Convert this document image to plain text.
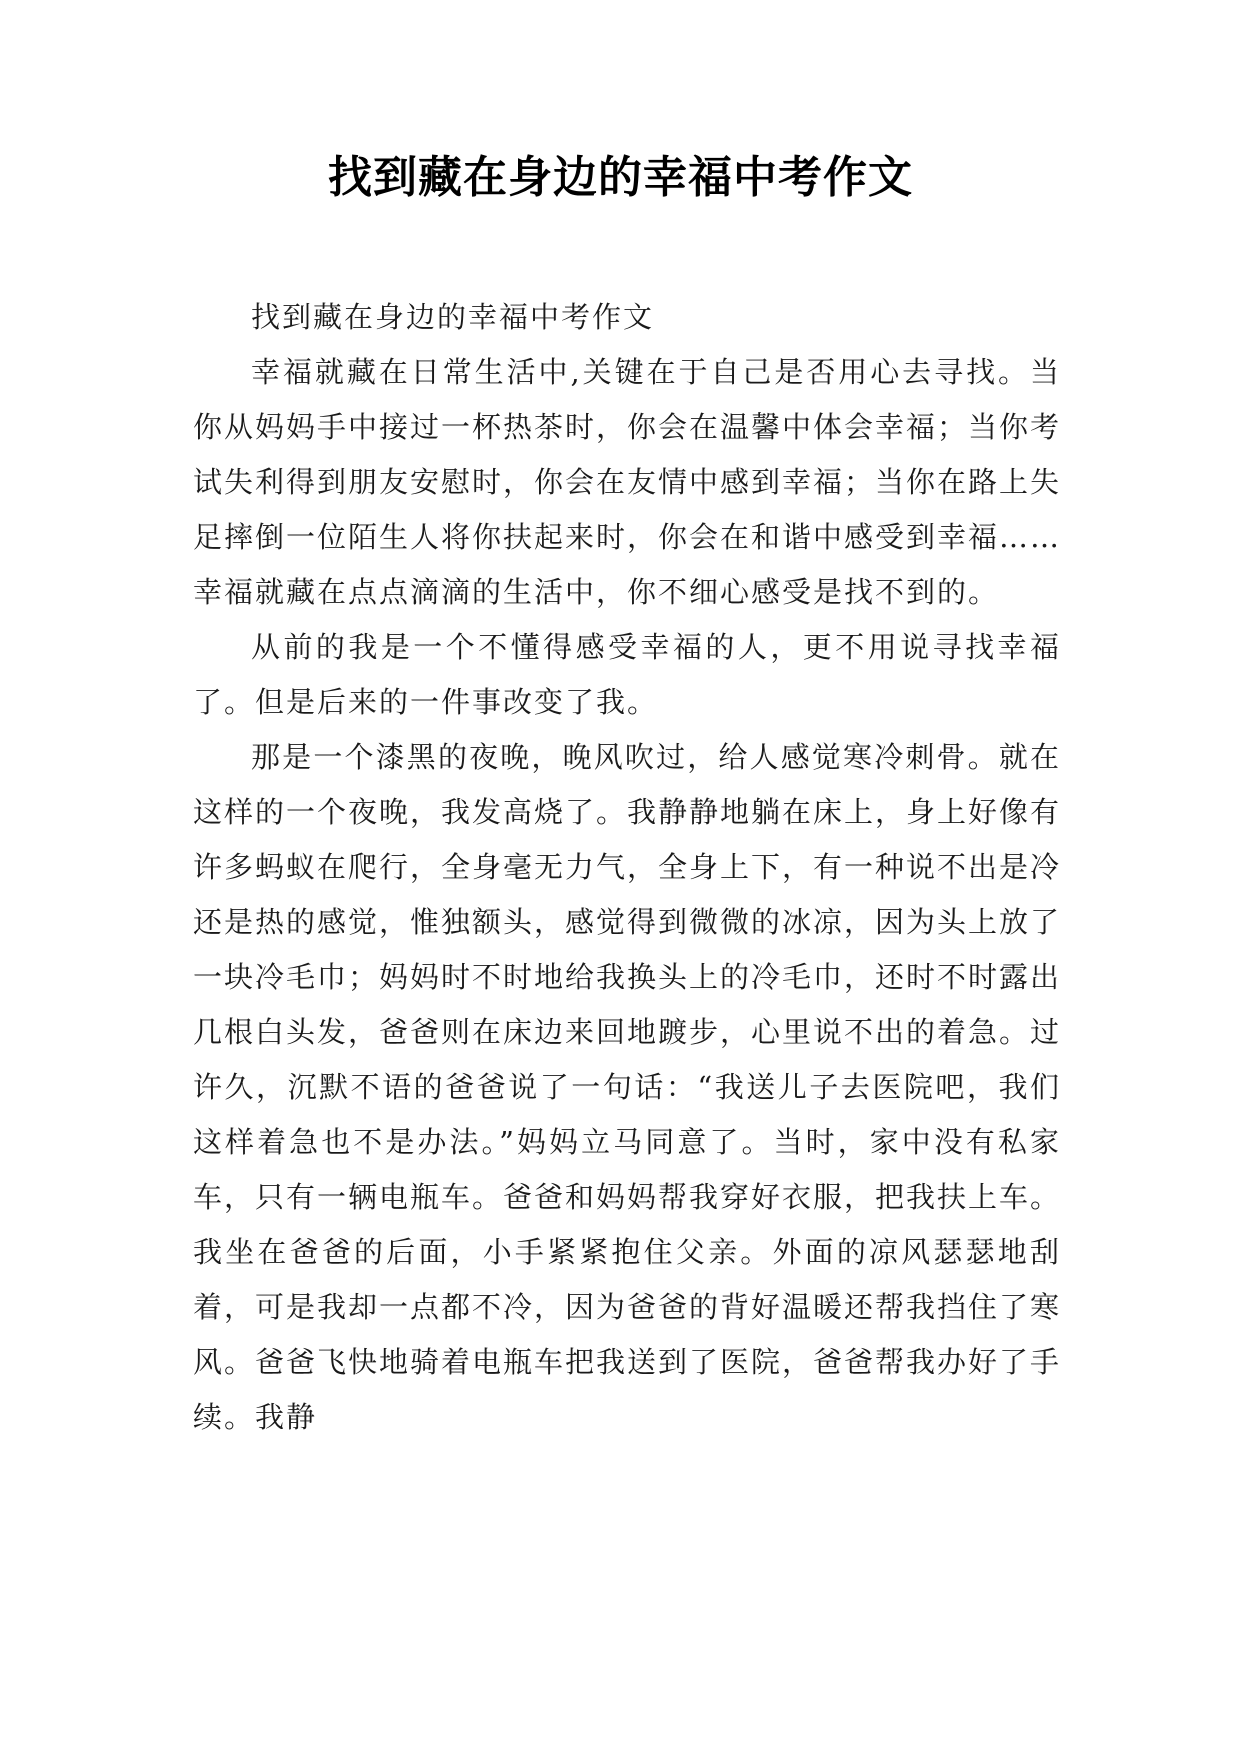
找到藏在身边的幸福中考作文

找到藏在身边的幸福中考作文

幸福就藏在日常生活中,关键在于自己是否用心去寻找。当你从妈妈手中接过一杯热茶时，你会在温馨中体会幸福；当你考试失利得到朋友安慰时，你会在友情中感到幸福；当你在路上失足摔倒一位陌生人将你扶起来时，你会在和谐中感受到幸福……幸福就藏在点点滴滴的生活中，你不细心感受是找不到的。

从前的我是一个不懂得感受幸福的人，更不用说寻找幸福了。但是后来的一件事改变了我。

那是一个漆黑的夜晚，晚风吹过，给人感觉寒冷刺骨。就在这样的一个夜晚，我发高烧了。我静静地躺在床上，身上好像有许多蚂蚁在爬行，全身毫无力气，全身上下，有一种说不出是冷还是热的感觉，惟独额头，感觉得到微微的冰凉，因为头上放了一块冷毛巾；妈妈时不时地给我换头上的冷毛巾，还时不时露出几根白头发，爸爸则在床边来回地踱步，心里说不出的着急。过许久，沉默不语的爸爸说了一句话：“我送儿子去医院吧，我们这样着急也不是办法。”妈妈立马同意了。当时，家中没有私家车，只有一辆电瓶车。爸爸和妈妈帮我穿好衣服，把我扶上车。我坐在爸爸的后面，小手紧紧抱住父亲。外面的凉风瑟瑟地刮着，可是我却一点都不冷，因为爸爸的背好温暖还帮我挡住了寒风。爸爸飞快地骑着电瓶车把我送到了医院，爸爸帮我办好了手续。我静
